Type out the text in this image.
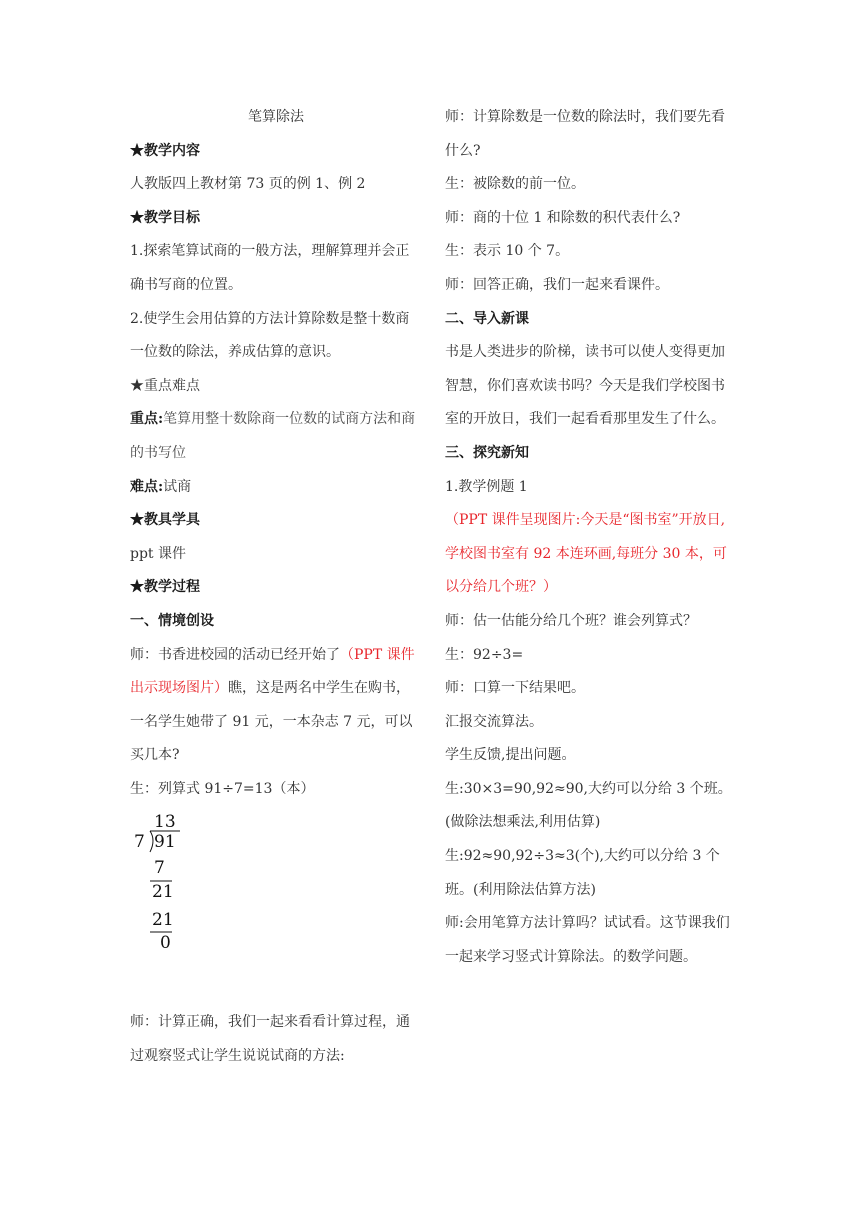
笔算除法

★教学内容

人教版四上教材第 73 页的例 1、例 2

★教学目标

1.探索笔算试商的一般方法，理解算理并会正确书写商的位置。

2.使学生会用估算的方法计算除数是整十数商一位数的除法，养成估算的意识。

★重点难点

重点:笔算用整十数除商一位数的试商方法和商的书写位

难点:试商

★教具学具

ppt 课件

★教学过程

一、情境创设

师：书香进校园的活动已经开始了（PPT 课件出示现场图片）瞧，这是两名中学生在购书，一名学生她带了 91 元，一本杂志 7 元，可以买几本?

生：列算式 91÷7=13（本）

13
7 91
7
21
21
0

师：计算正确，我们一起来看看计算过程，通过观察竖式让学生说说试商的方法:

师：计算除数是一位数的除法时，我们要先看什么?

生：被除数的前一位。

师：商的十位 1 和除数的积代表什么?

生：表示 10 个 7。

师：回答正确，我们一起来看课件。

二、导入新课

书是人类进步的阶梯，读书可以使人变得更加智慧，你们喜欢读书吗？今天是我们学校图书室的开放日，我们一起看看那里发生了什么。

三、探究新知

1.教学例题 1

（PPT 课件呈现图片:今天是“图书室”开放日,学校图书室有 92 本连环画,每班分 30 本，可以分给几个班？）

师：估一估能分给几个班？谁会列算式？

生：92÷3=

师：口算一下结果吧。

汇报交流算法。

学生反馈,提出问题。

生:30×3=90,92≈90,大约可以分给 3 个班。

(做除法想乘法,利用估算)

生:92≈90,92÷3≈3(个),大约可以分给 3 个班。(利用除法估算方法)

师:会用笔算方法计算吗？试试看。这节课我们一起来学习竖式计算除法。的数学问题。
